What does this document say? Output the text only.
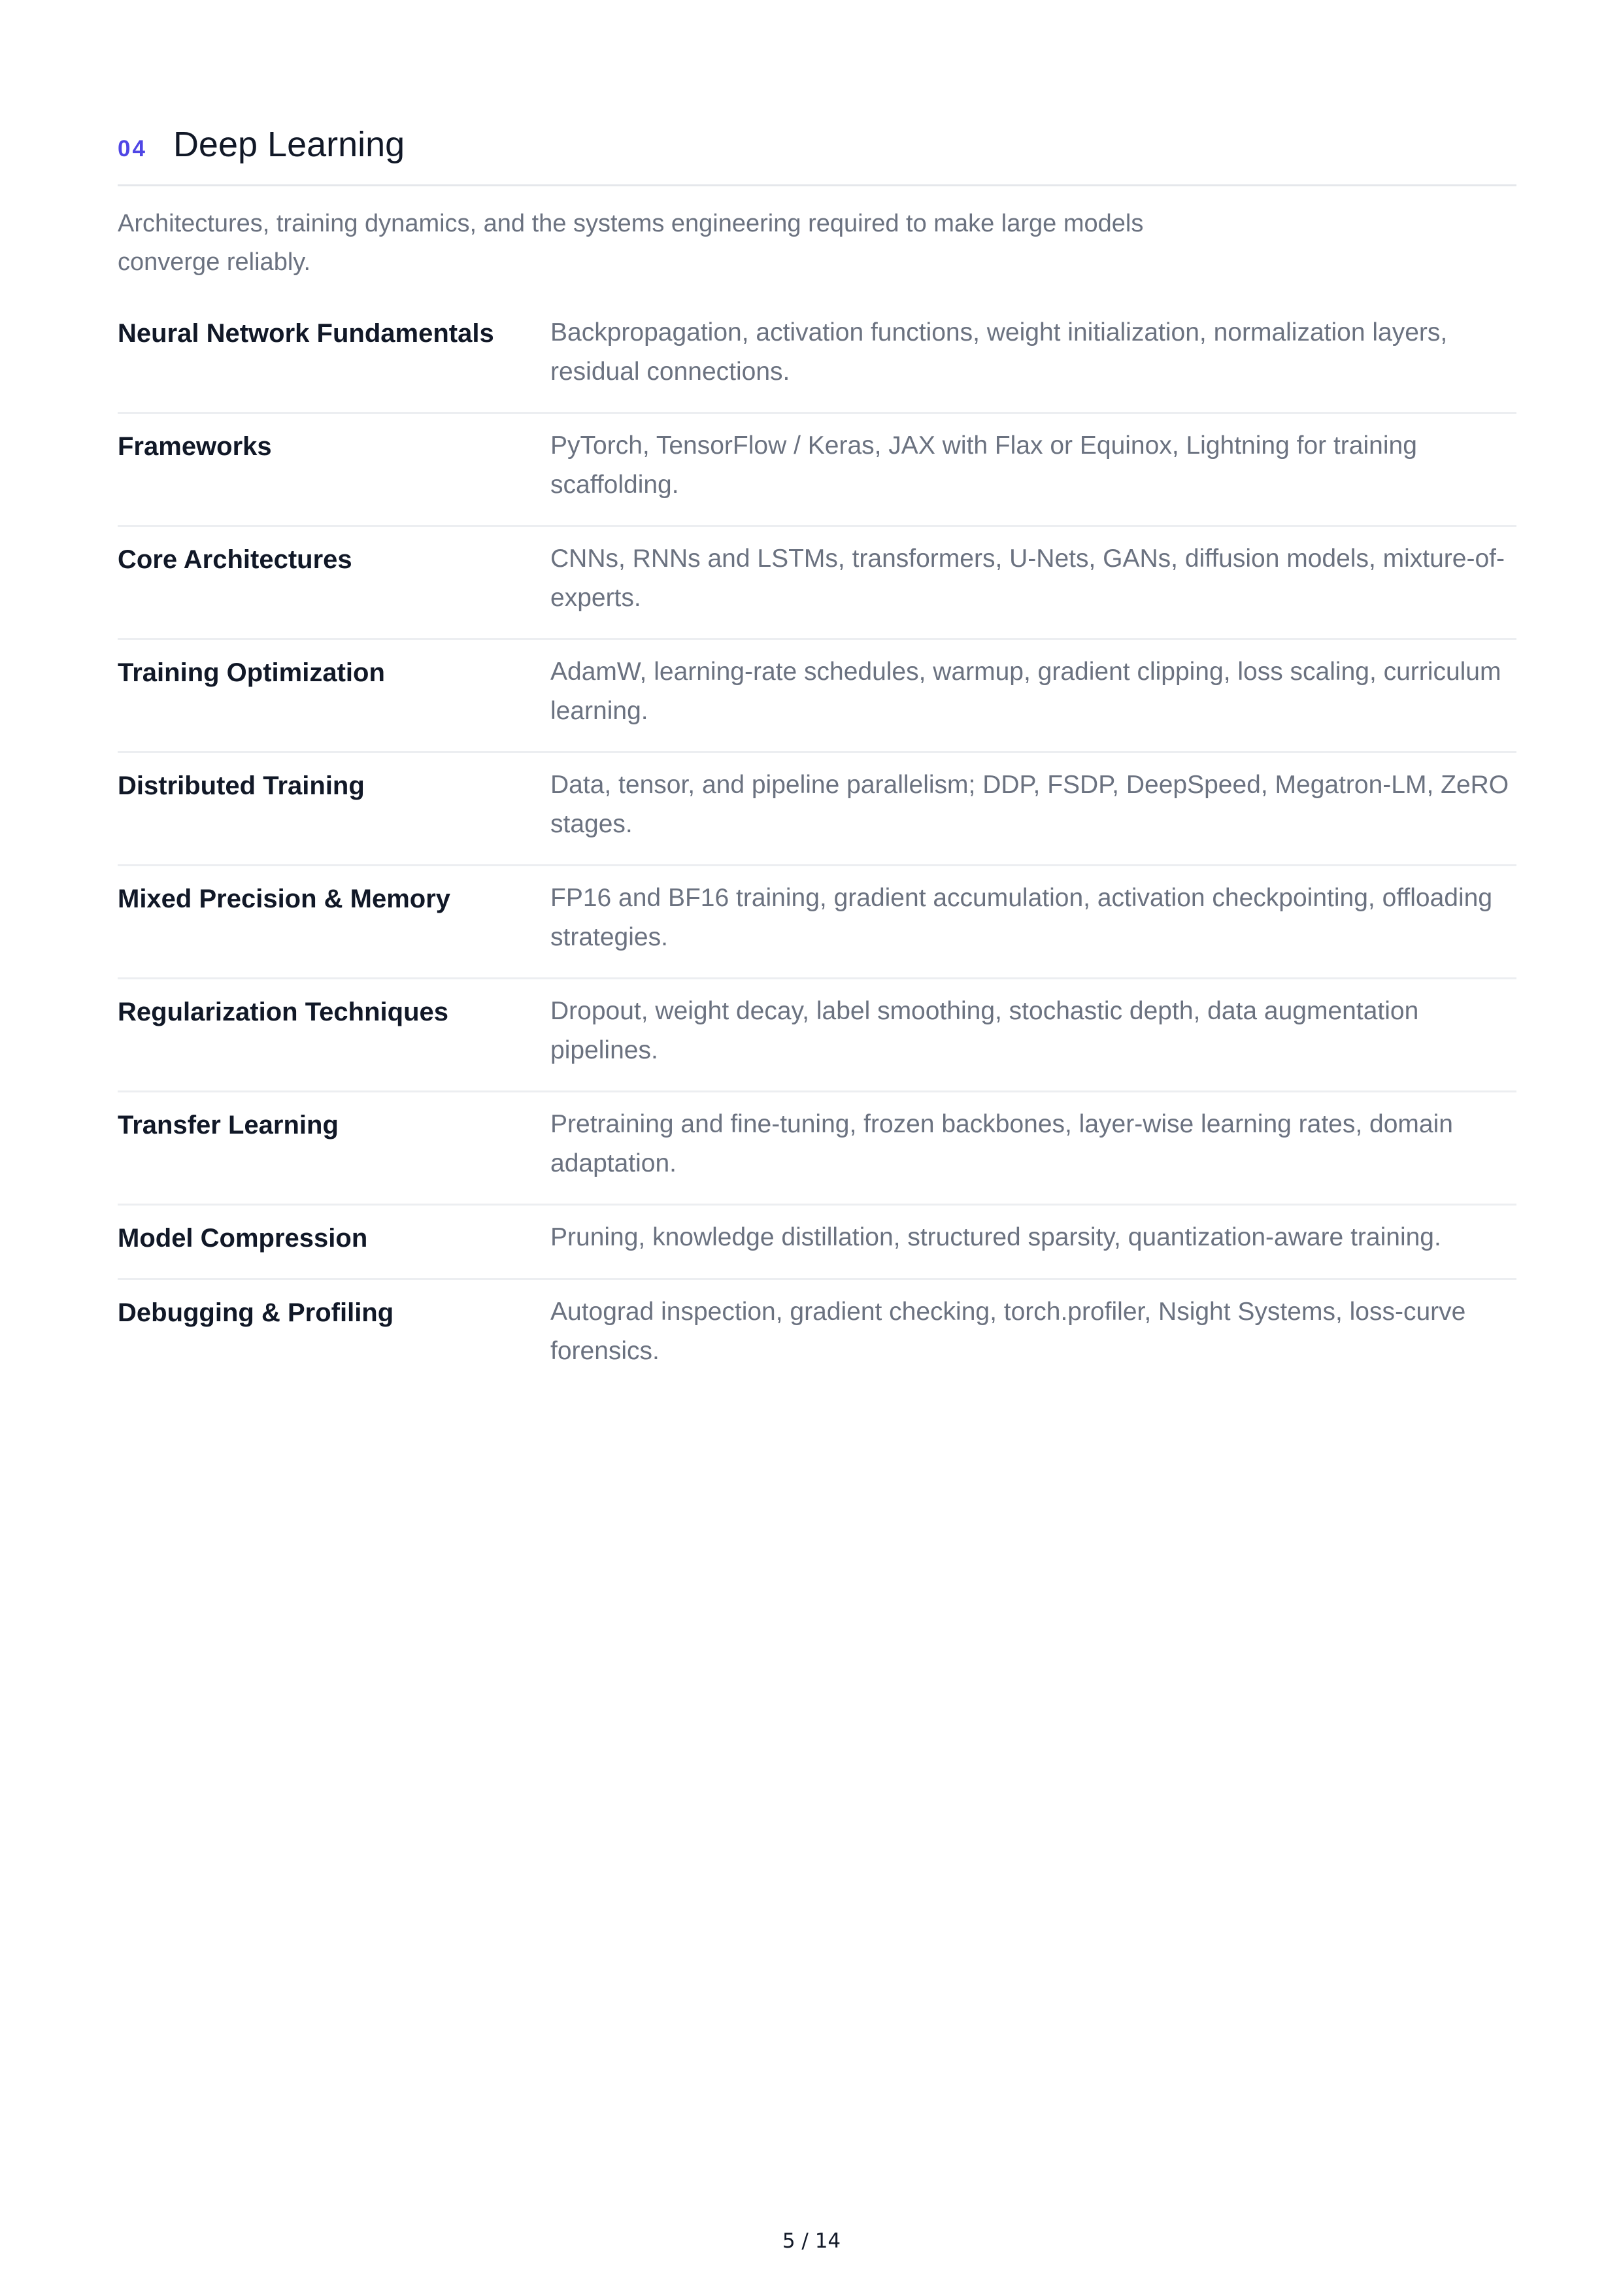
04 Deep Learning
Architectures, training dynamics, and the systems engineering required to make large models converge reliably.
Neural Network Fundamentals	Backpropagation, activation functions, weight initialization, normalization layers, residual connections.
Frameworks	PyTorch, TensorFlow / Keras, JAX with Flax or Equinox, Lightning for training scaffolding.
Core Architectures	CNNs, RNNs and LSTMs, transformers, U-Nets, GANs, diffusion models, mixture-of-experts.
Training Optimization	AdamW, learning-rate schedules, warmup, gradient clipping, loss scaling, curriculum learning.
Distributed Training	Data, tensor, and pipeline parallelism; DDP, FSDP, DeepSpeed, Megatron-LM, ZeRO stages.
Mixed Precision & Memory	FP16 and BF16 training, gradient accumulation, activation checkpointing, offloading strategies.
Regularization Techniques	Dropout, weight decay, label smoothing, stochastic depth, data augmentation pipelines.
Transfer Learning	Pretraining and fine-tuning, frozen backbones, layer-wise learning rates, domain adaptation.
Model Compression	Pruning, knowledge distillation, structured sparsity, quantization-aware training.
Debugging & Profiling	Autograd inspection, gradient checking, torch.profiler, Nsight Systems, loss-curve forensics.
5 / 14
